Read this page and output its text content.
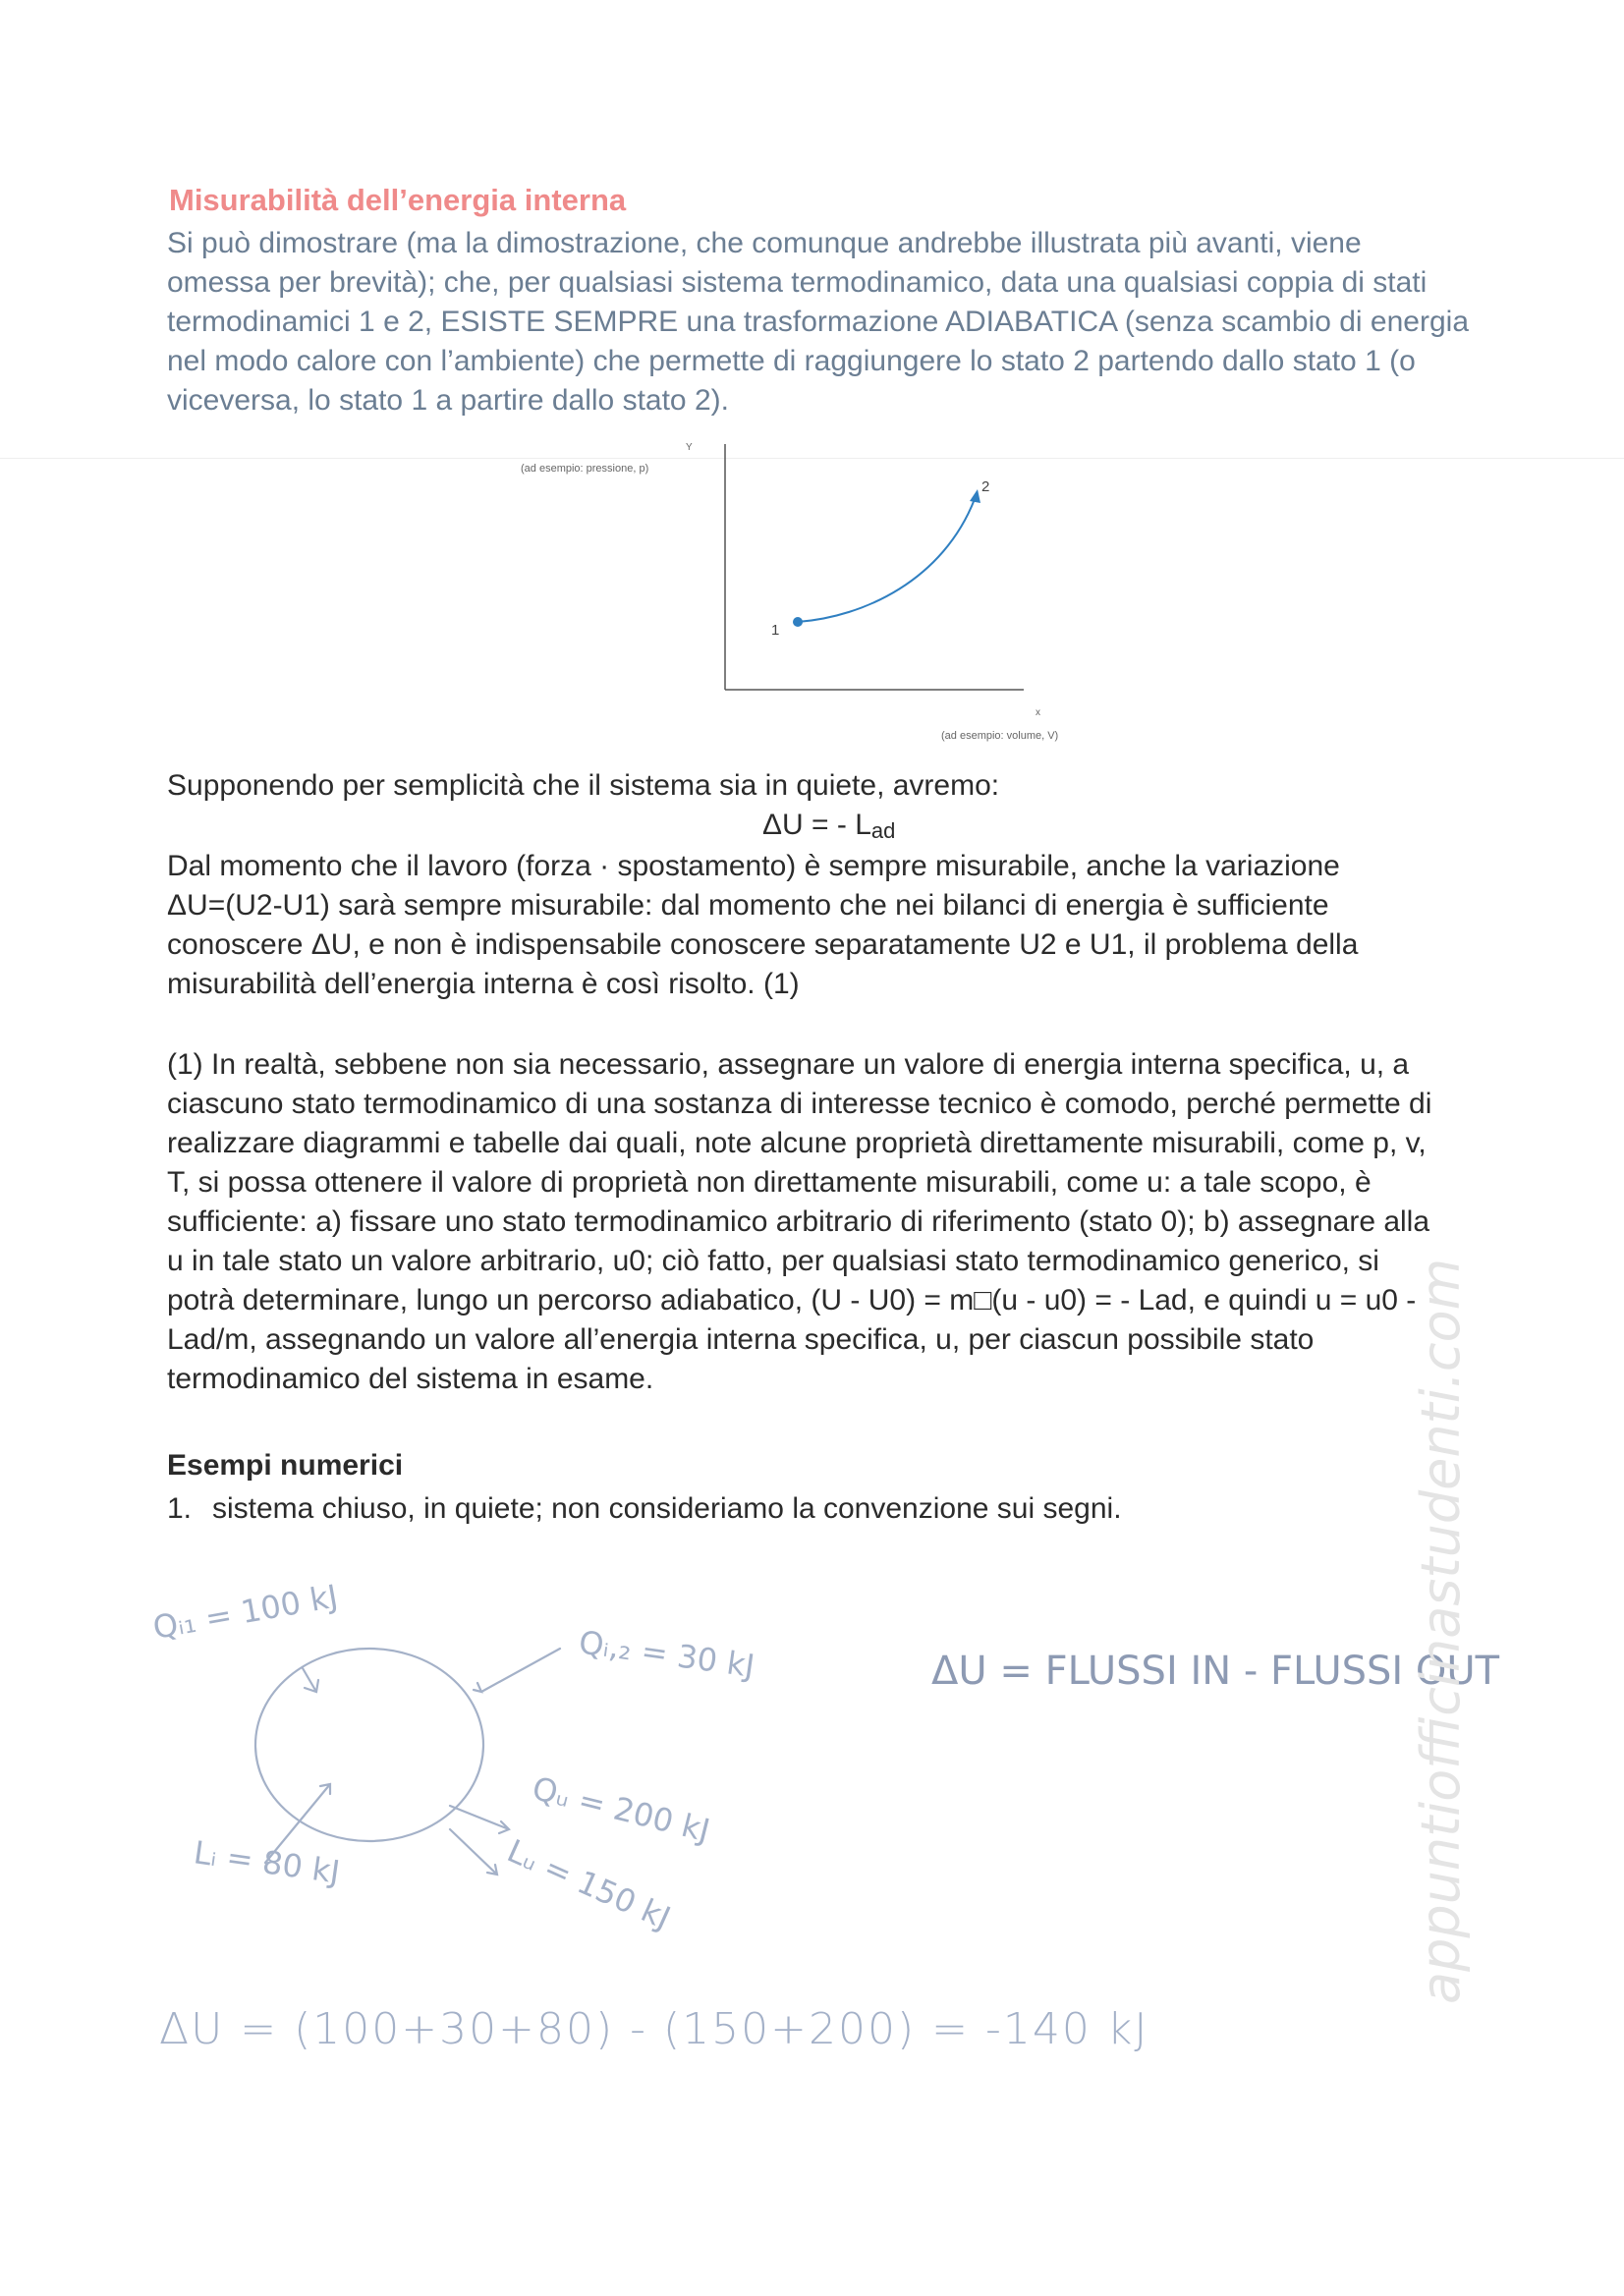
Misurabilità dell’energia interna
Si può dimostrare (ma la dimostrazione, che comunque andrebbe illustrata più avanti, viene
omessa per brevità); che, per qualsiasi sistema termodinamico, data una qualsiasi coppia di stati
termodinamici 1 e 2, ESISTE SEMPRE una trasformazione ADIABATICA (senza scambio di energia
nel modo calore con l’ambiente) che permette di raggiungere lo stato 2 partendo dallo stato 1 (o
viceversa, lo stato 1 a partire dallo stato 2).
Y
(ad esempio: pressione, p)
x
(ad esempio: volume, V)
1
2
Supponendo per semplicità che il sistema sia in quiete, avremo:
ΔU = - $L_{ad}$
Dal momento che il lavoro (forza · spostamento) è sempre misurabile, anche la variazione
ΔU=(U2-U1) sarà sempre misurabile: dal momento che nei bilanci di energia è sufficiente
conoscere ΔU, e non è indispensabile conoscere separatamente U2 e U1, il problema della
misurabilità dell’energia interna è così risolto. (1)
(1) In realtà, sebbene non sia necessario, assegnare un valore di energia interna specifica, u, a
ciascuno stato termodinamico di una sostanza di interesse tecnico è comodo, perché permette di
realizzare diagrammi e tabelle dai quali, note alcune proprietà direttamente misurabili, come p, v,
T, si possa ottenere il valore di proprietà non direttamente misurabili, come u: a tale scopo, è
sufficiente: a) fissare uno stato termodinamico arbitrario di riferimento (stato 0); b) assegnare alla
u in tale stato un valore arbitrario, u0; ciò fatto, per qualsiasi stato termodinamico generico, si
potrà determinare, lungo un percorso adiabatico, (U - U0) = m□(u - u0) = - Lad, e quindi u = u0 -
Lad/m, assegnando un valore all’energia interna specifica, u, per ciascun possibile stato
termodinamico del sistema in esame.
Esempi numerici
1. sistema chiuso, in quiete; non consideriamo la convenzione sui segni.
Qᵢ₁ = 100 kJ
Qᵢ,₂ = 30 kJ
Qᵤ = 200 kJ
Lᵢ = 80 kJ	Lᵤ = 150 kJ
ΔU = FLUSSI IN - FLUSSI OUT
ΔU = (100+30+80) - (150+200) = -140 kJ
appuntiofficinastudenti.com
